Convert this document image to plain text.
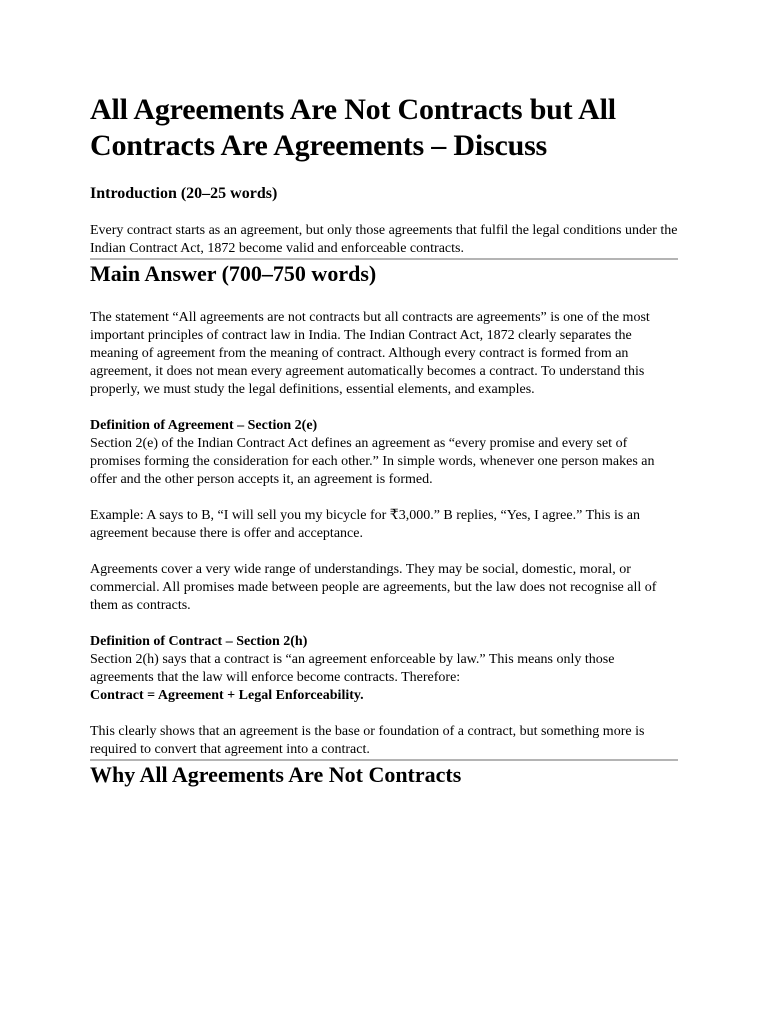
All Agreements Are Not Contracts but All Contracts Are Agreements – Discuss
Introduction (20–25 words)

Every contract starts as an agreement, but only those agreements that fulfil the legal conditions under the Indian Contract Act, 1872 become valid and enforceable contracts.

Main Answer (700–750 words)

The statement “All agreements are not contracts but all contracts are agreements” is one of the most important principles of contract law in India. The Indian Contract Act, 1872 clearly separates the meaning of agreement from the meaning of contract. Although every contract is formed from an agreement, it does not mean every agreement automatically becomes a contract. To understand this properly, we must study the legal definitions, essential elements, and examples.

Definition of Agreement – Section 2(e)

Section 2(e) of the Indian Contract Act defines an agreement as “every promise and every set of promises forming the consideration for each other.” In simple words, whenever one person makes an offer and the other person accepts it, an agreement is formed.

Example: A says to B, “I will sell you my bicycle for ₹3,000.” B replies, “Yes, I agree.” This is an agreement because there is offer and acceptance.

Agreements cover a very wide range of understandings. They may be social, domestic, moral, or commercial. All promises made between people are agreements, but the law does not recognise all of them as contracts.

Definition of Contract – Section 2(h)

Section 2(h) says that a contract is “an agreement enforceable by law.” This means only those agreements that the law will enforce become contracts. Therefore:

Contract = Agreement + Legal Enforceability.

This clearly shows that an agreement is the base or foundation of a contract, but something more is required to convert that agreement into a contract.

Why All Agreements Are Not Contracts
